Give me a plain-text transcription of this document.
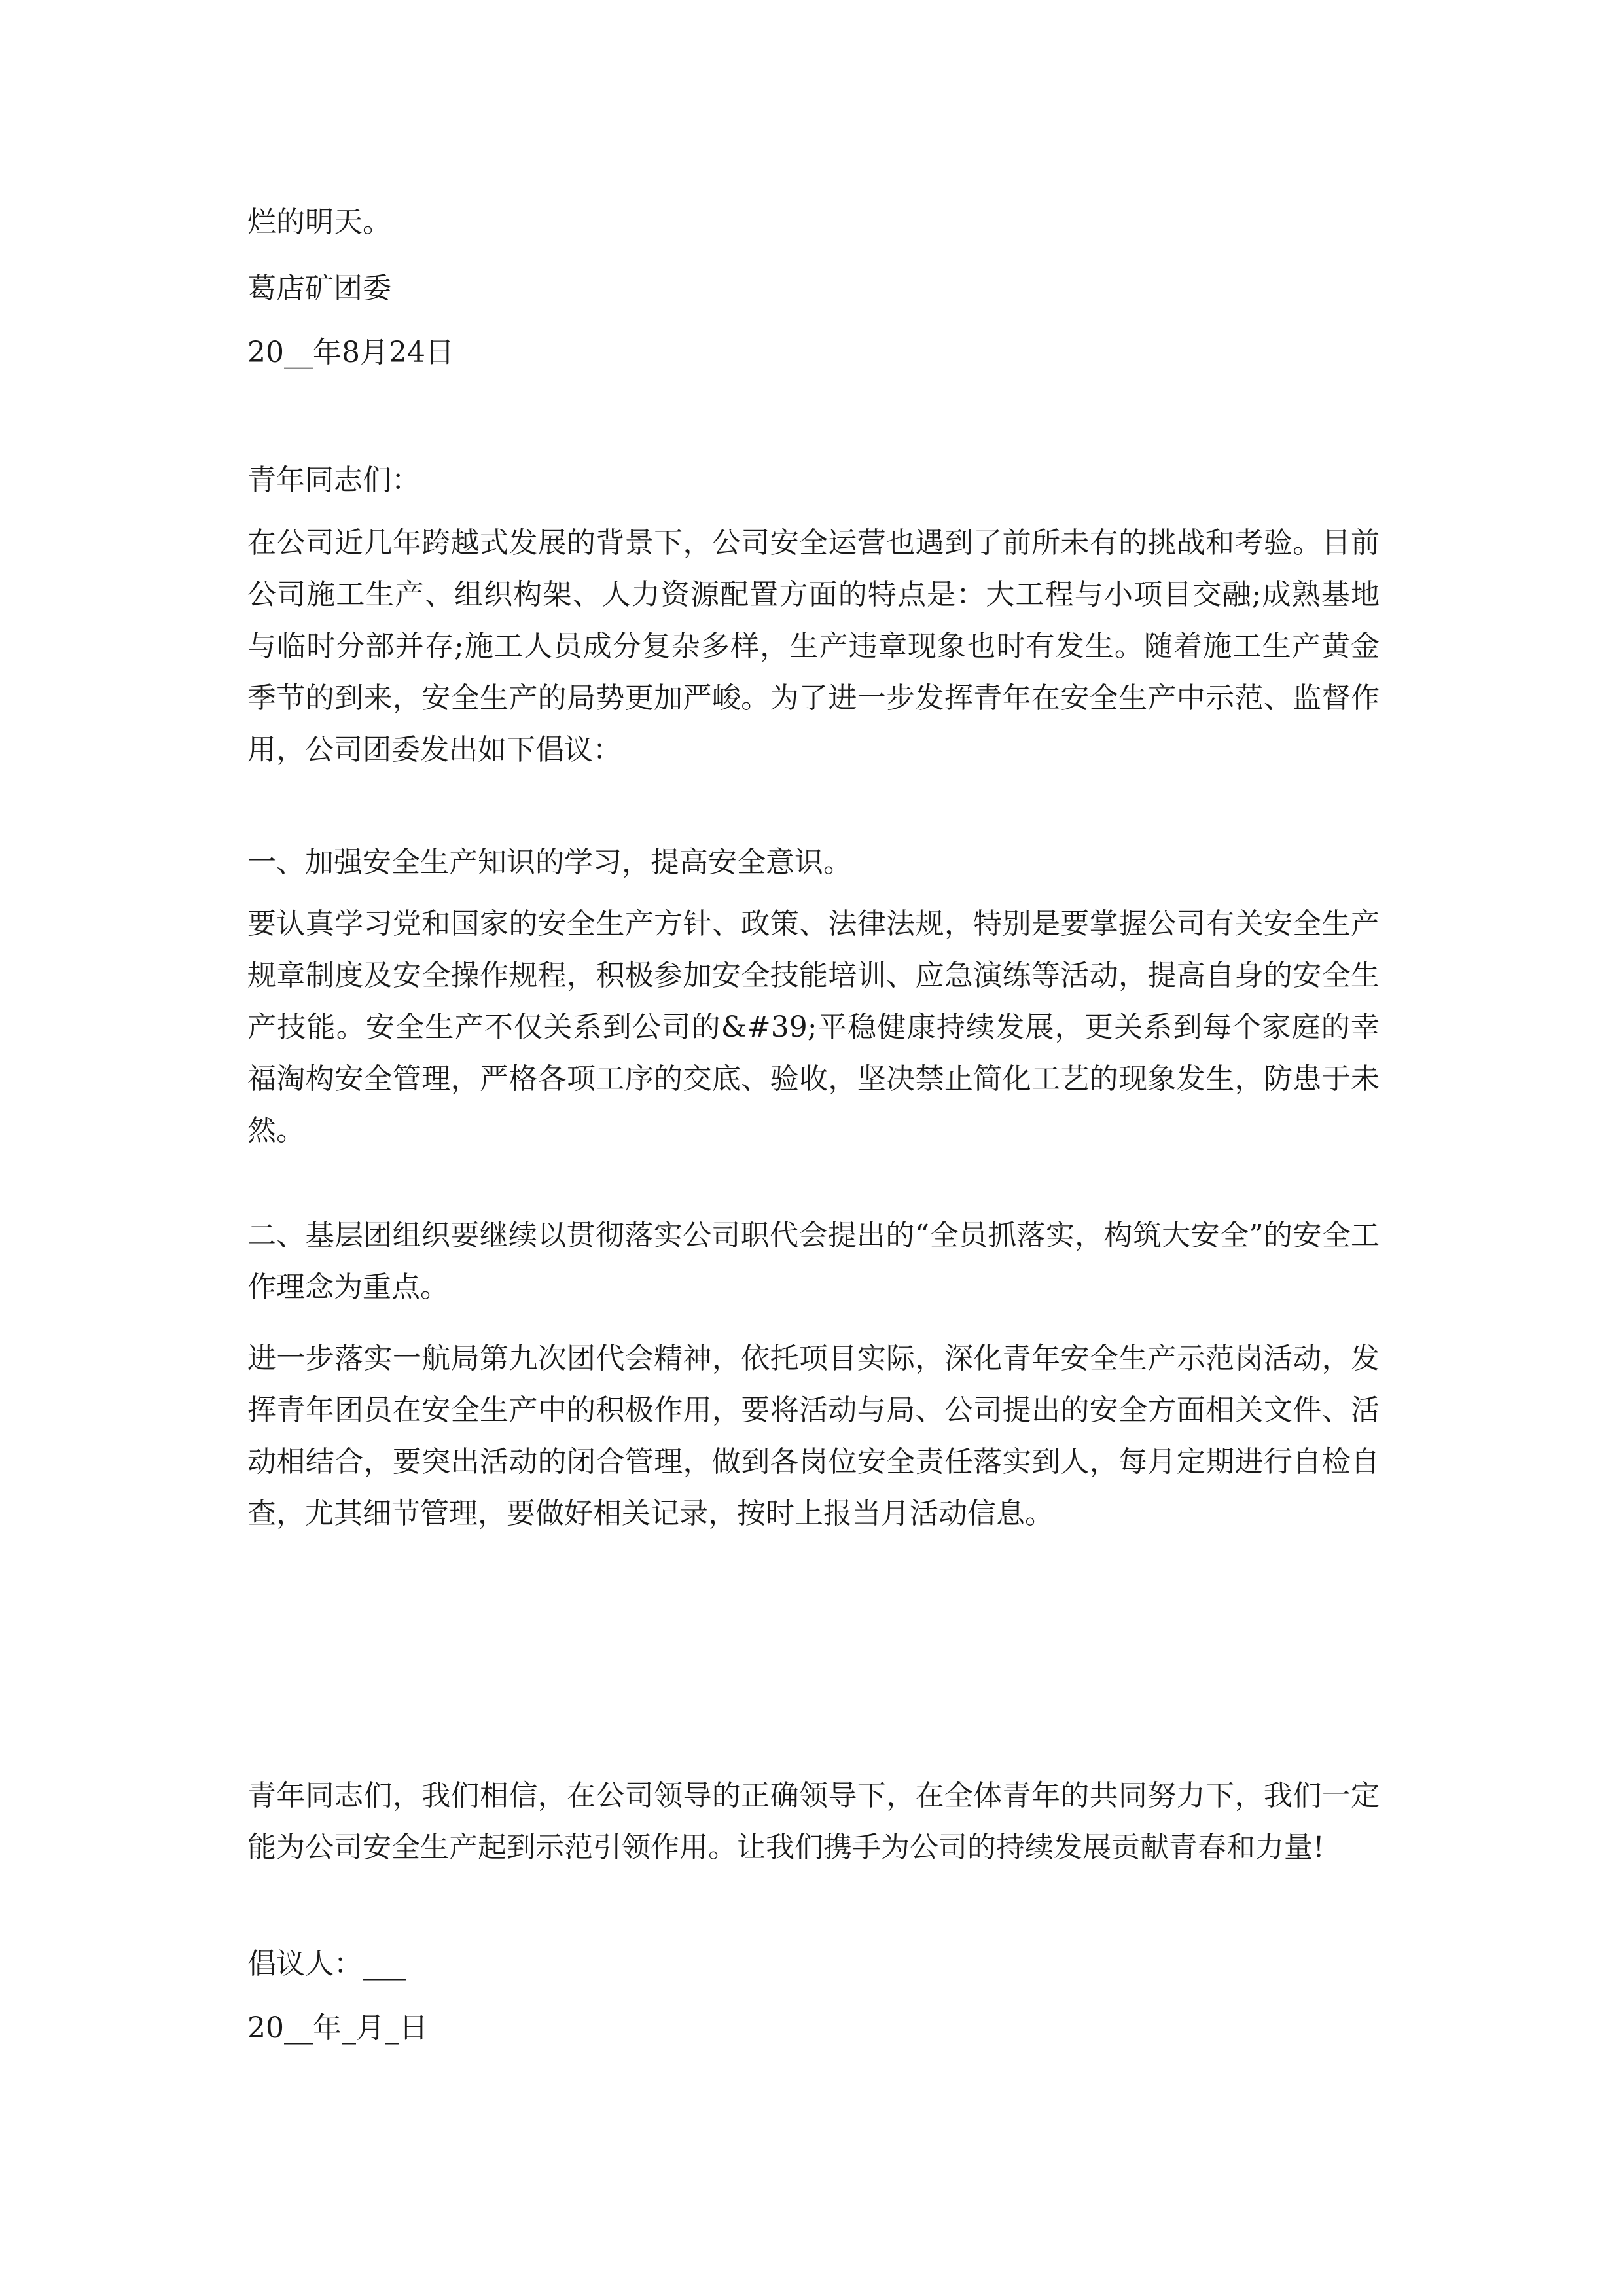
烂的明天。

葛店矿团委

20__年8月24日

青年同志们：

在公司近几年跨越式发展的背景下，公司安全运营也遇到了前所未有的挑战和考验。目前公司施工生产、组织构架、人力资源配置方面的特点是：大工程与小项目交融;成熟基地与临时分部并存;施工人员成分复杂多样，生产违章现象也时有发生。随着施工生产黄金季节的到来，安全生产的局势更加严峻。为了进一步发挥青年在安全生产中示范、监督作用，公司团委发出如下倡议：

一、加强安全生产知识的学习，提高安全意识。

要认真学习党和国家的安全生产方针、政策、法律法规，特别是要掌握公司有关安全生产规章制度及安全操作规程，积极参加安全技能培训、应急演练等活动，提高自身的安全生产技能。安全生产不仅关系到公司的&#39;平稳健康持续发展，更关系到每个家庭的幸福淘构安全管理，严格各项工序的交底、验收，坚决禁止简化工艺的现象发生，防患于未然。

二、基层团组织要继续以贯彻落实公司职代会提出的“全员抓落实，构筑大安全”的安全工作理念为重点。

进一步落实一航局第九次团代会精神，依托项目实际，深化青年安全生产示范岗活动，发挥青年团员在安全生产中的积极作用，要将活动与局、公司提出的安全方面相关文件、活动相结合，要突出活动的闭合管理，做到各岗位安全责任落实到人，每月定期进行自检自查，尤其细节管理，要做好相关记录，按时上报当月活动信息。

青年同志们，我们相信，在公司领导的正确领导下，在全体青年的共同努力下，我们一定能为公司安全生产起到示范引领作用。让我们携手为公司的持续发展贡献青春和力量!

倡议人：___

20__年_月_日
